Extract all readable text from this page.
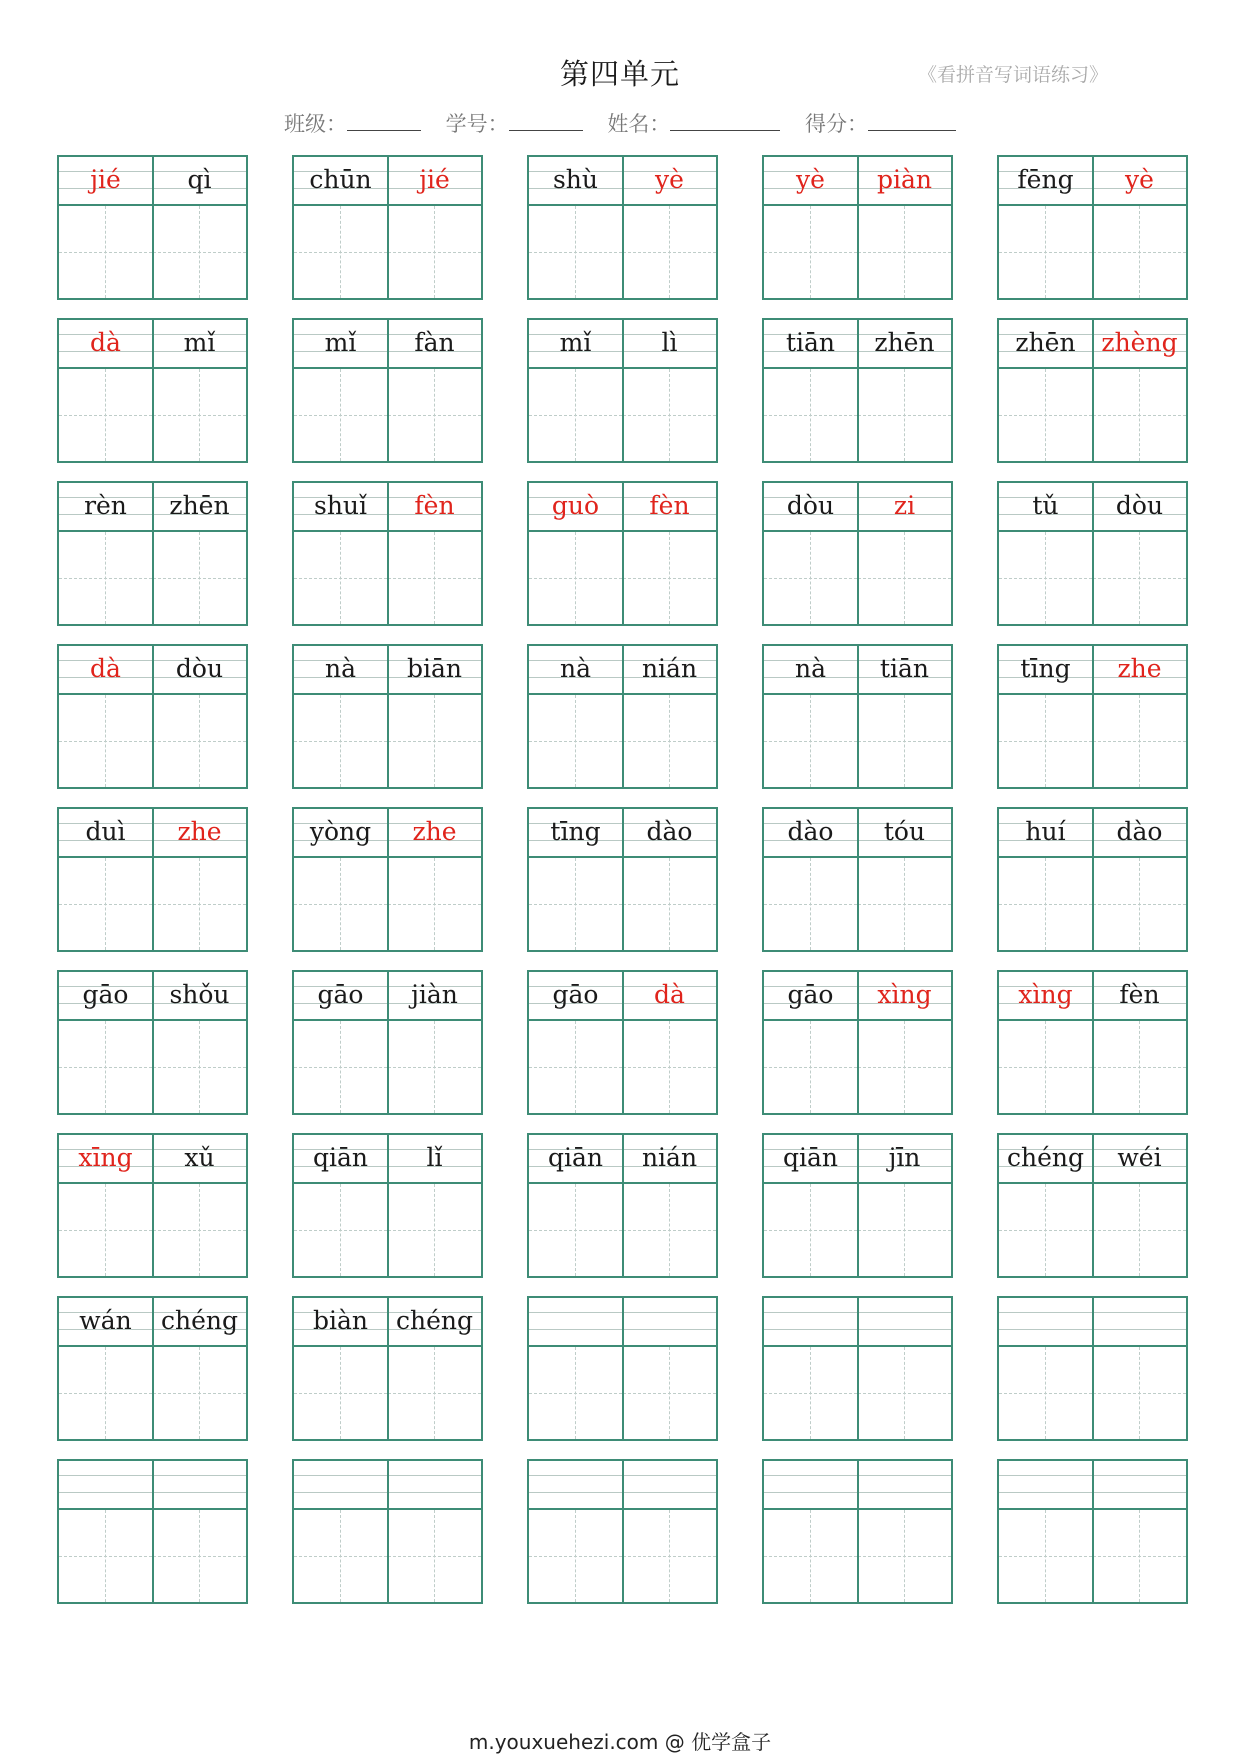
第四单元	《看拼音写词语练习》
班级：	学号：	姓名：	得分：
jié	qì	chūn	jié	shù	yè	yè	piàn	fēng	yè
dà	mǐ	mǐ	fàn	mǐ	lì	tiān	zhēn	zhēn	zhèng
rèn	zhēn	shuǐ	fèn	guò	fèn	dòu	zi	tǔ	dòu
dà	dòu	nà	biān	nà	nián	nà	tiān	tīng	zhe
duì	zhe	yòng	zhe	tīng	dào	dào	tóu	huí	dào
gāo	shǒu	gāo	jiàn	gāo	dà	gāo	xìng	xìng	fèn
xīng	xǔ	qiān	lǐ	qiān	nián	qiān	jīn	chéng	wéi
wán	chéng	biàn	chéng
m.youxuehezi.com @ 优学盒子
